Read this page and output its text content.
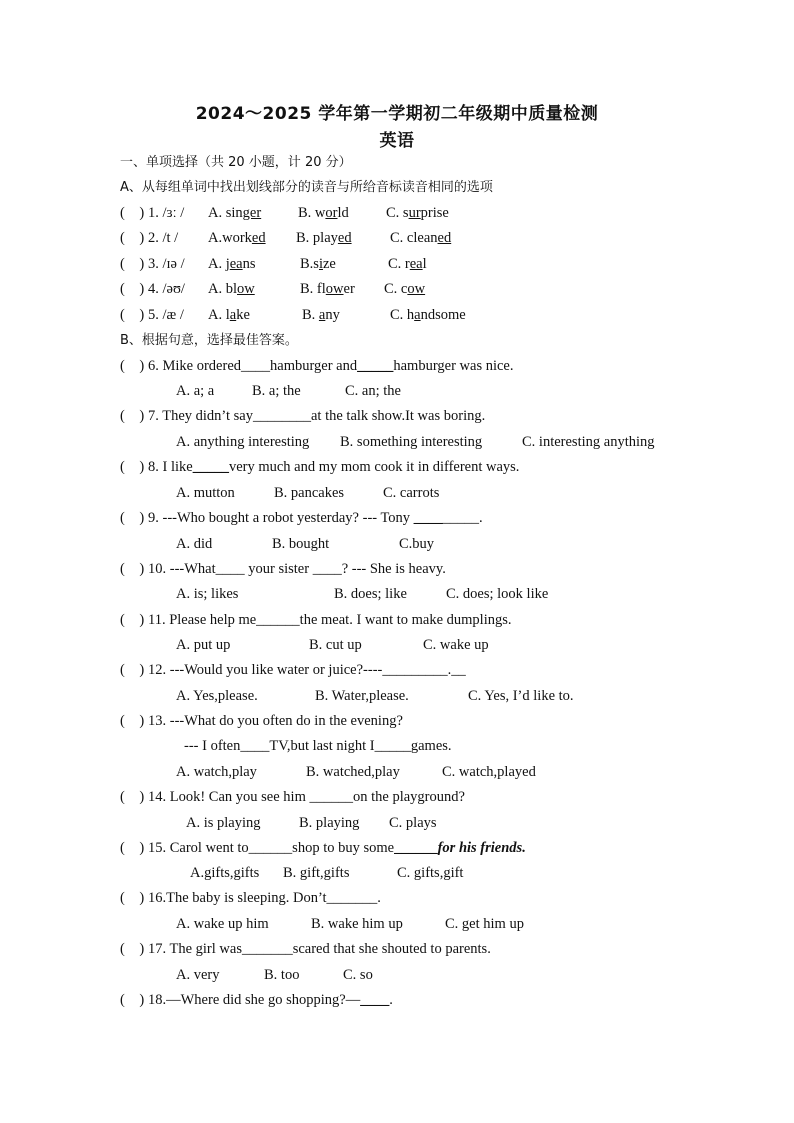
2024～2025 学年第一学期初二年级期中质量检测
英语
一、单项选择（共 20 小题，计 20 分）
A、从每组单词中找出划线部分的读音与所给音标读音相同的选项
(    ) 1. /ɜː / A. singer	B. world	C. surprise
(    ) 2. /t / A.worked B. played	C. cleaned
(    ) 3. /ɪə / A. jeans	B.size	C. real
(    ) 4. /əʊ/ A. blow	B. flower C. cow
(    ) 5. /æ / A. lake	B. any	C. handsome
B、根据句意，选择最佳答案。
(    ) 6. Mike ordered____hamburger and_____hamburger was nice.
A. a; a	B. a; the	C. an; the
(    ) 7. They didn’t say________at the talk show.It was boring.
A. anything interesting B. something interesting	C. interesting anything
(    ) 8. I like_____very much and my mom cook it in different ways.
A. mutton	B. pancakes	C. carrots
(    ) 9. ---Who bought a robot yesterday? --- Tony _________.
A. did	B. bought	C.buy
(    ) 10. ---What____ your sister ____? --- She is heavy.
A. is; likes	B. does; like	C. does; look like
(    ) 11. Please help me______the meat. I want to make dumplings.
A. put up	B. cut up	C. wake up
(    ) 12. ---Would you like water or juice?----_________.__
A. Yes,please.	B. Water,please.	C. Yes, I’d like to.
(    ) 13. ---What do you often do in the evening?
--- I often____TV,but last night I_____games.
A. watch,play	B. watched,play	C. watch,played
(    ) 14. Look! Can you see him ______on the playground?
A. is playing	B. playing C. plays
(    ) 15. Carol went to______shop to buy some______for his friends.
A.gifts,gifts B. gift,gifts	C. gifts,gift
(    ) 16.The baby is sleeping. Don’t_______.
A. wake up him	B. wake him up	C. get him up
(    ) 17. The girl was_______scared that she shouted to parents.
A. very	B. too	C. so
(    ) 18.—Where did she go shopping?—____.
